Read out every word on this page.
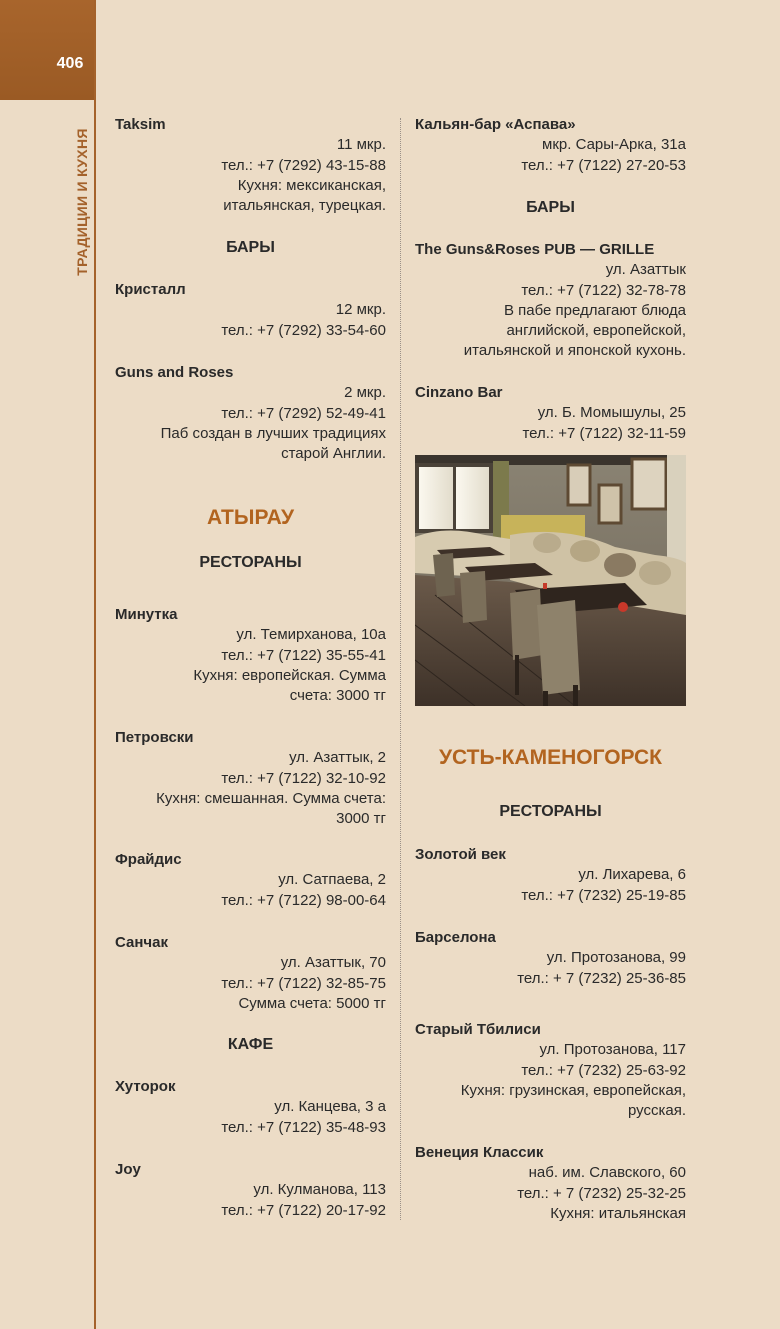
406
ТРАДИЦИИ И КУХНЯ
Taksim
11 мкр.
тел.: +7 (7292) 43-15-88
Кухня: мексиканская,
итальянская, турецкая.
БАРЫ
Кристалл
12 мкр.
тел.: +7 (7292) 33-54-60
Guns and Roses
2 мкр.
тел.: +7 (7292) 52-49-41
Паб создан в лучших традициях
старой Англии.
АТЫРАУ
РЕСТОРАНЫ
Минутка
ул. Темирханова, 10а
тел.: +7 (7122) 35-55-41
Кухня: европейская. Сумма
счета: 3000 тг
Петровски
ул. Азаттык, 2
тел.: +7 (7122) 32-10-92
Кухня: смешанная. Сумма счета:
3000 тг
Фрайдис
ул. Сатпаева, 2
тел.: +7 (7122) 98-00-64
Санчак
ул. Азаттык, 70
тел.: +7 (7122) 32-85-75
Сумма счета: 5000 тг
КАФЕ
Хуторок
ул. Канцева, 3 а
тел.: +7 (7122) 35-48-93
Joy
ул. Кулманова, 113
тел.: +7 (7122) 20-17-92
Кальян-бар «Аспава»
мкр. Сары-Арка, 31а
тел.: +7 (7122) 27-20-53
БАРЫ
The Guns&Roses PUB — GRILLE
ул. Азаттык
тел.: +7 (7122) 32-78-78
В пабе предлагают блюда
английской, европейской,
итальянской и японской кухонь.
Cinzano Bar
ул. Б. Момышулы, 25
тел.: +7 (7122) 32-11-59
УСТЬ-КАМЕНОГОРСК
РЕСТОРАНЫ
Золотой век
ул. Лихарева, 6
тел.: +7 (7232) 25-19-85
Барселона
ул. Протозанова, 99
тел.: + 7 (7232) 25-36-85
Старый Тбилиси
ул. Протозанова, 117
тел.: +7 (7232) 25-63-92
Кухня: грузинская, европейская,
русская.
Венеция Классик
наб. им. Славского, 60
тел.: + 7 (7232) 25-32-25
Кухня: итальянская
